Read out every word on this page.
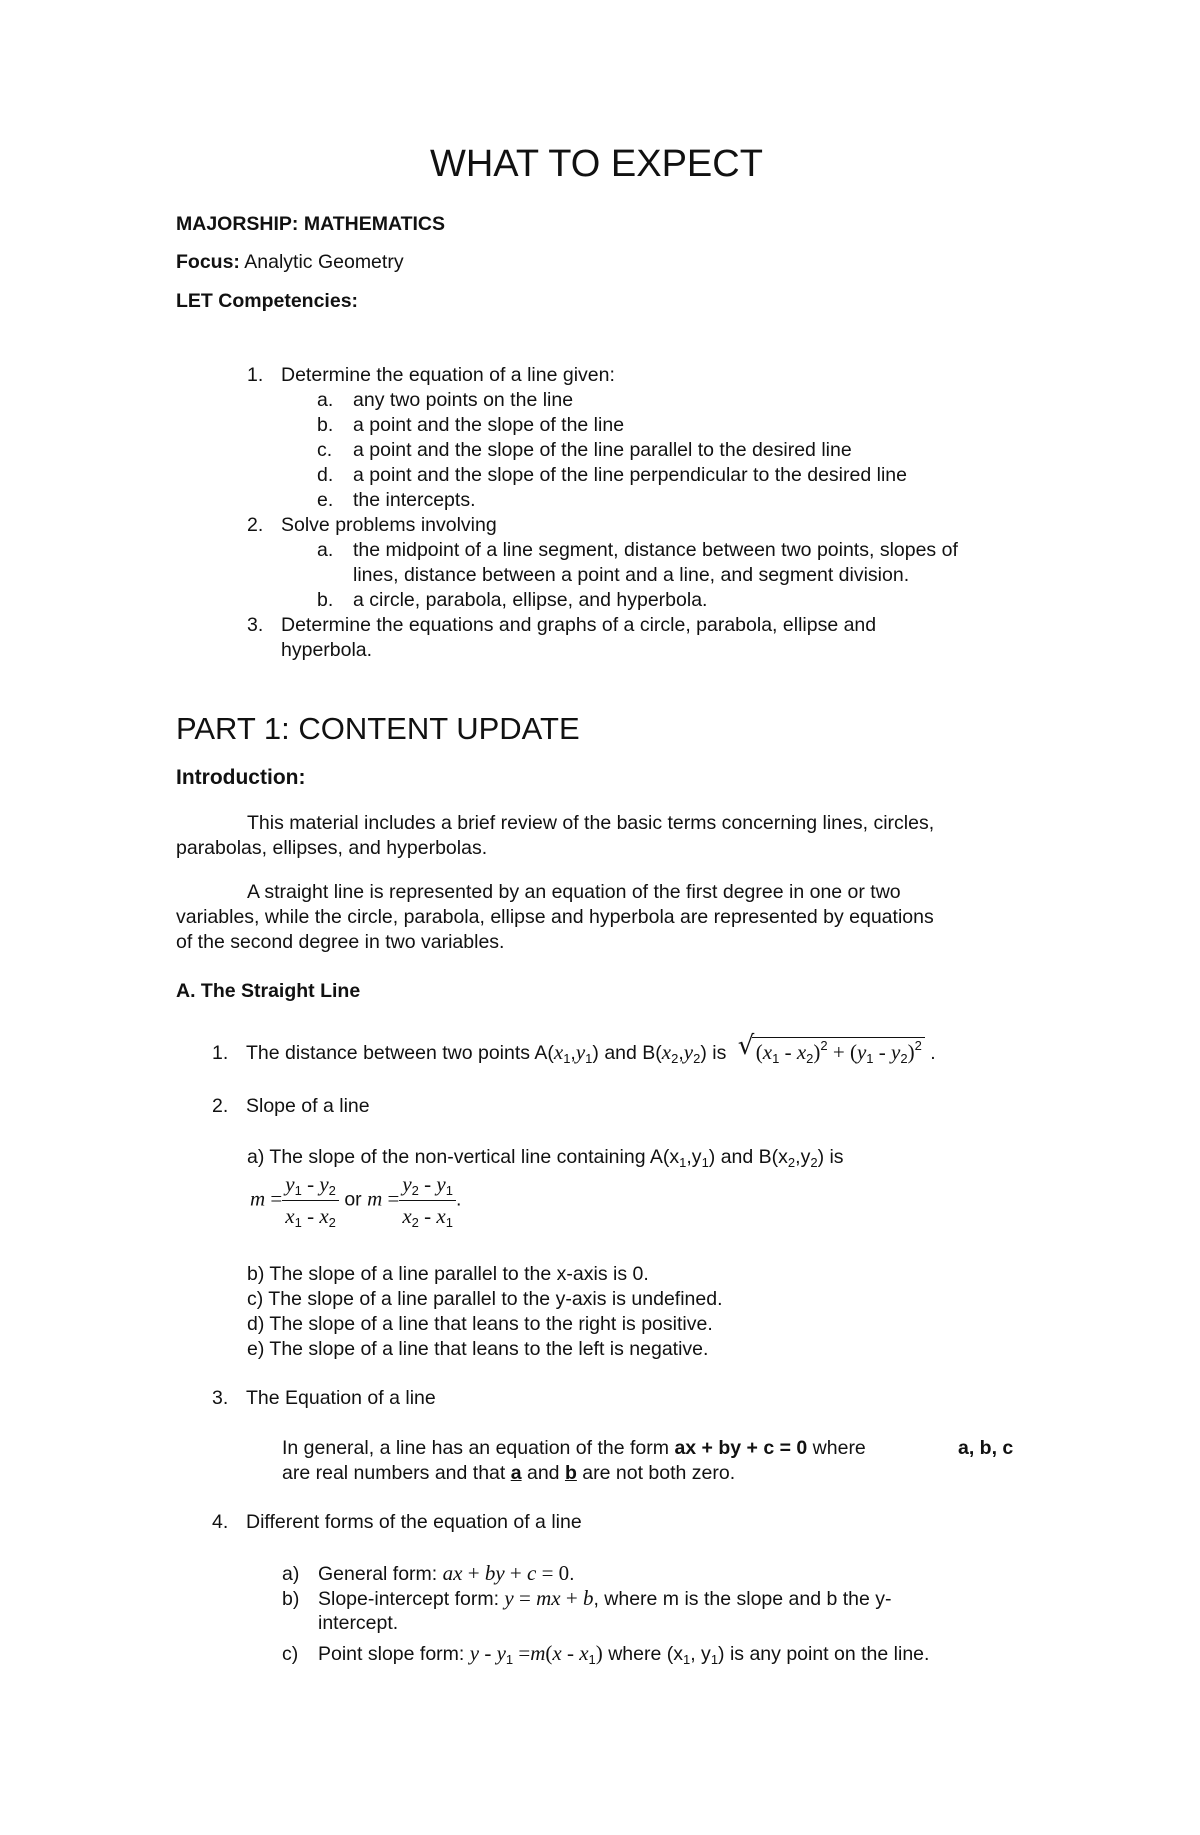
WHAT TO EXPECT
MAJORSHIP: MATHEMATICS
Focus: Analytic Geometry
LET Competencies:
1. Determine the equation of a line given:
a. any two points on the line
b. a point and the slope of the line
c. a point and the slope of the line parallel to the desired line
d. a point and the slope of the line perpendicular to the desired line
e. the intercepts.
2. Solve problems involving
a. the midpoint of a line segment, distance between two points, slopes of
lines, distance between a point and a line, and segment division.
b. a circle, parabola, ellipse, and hyperbola.
3. Determine the equations and graphs of a circle, parabola, ellipse and
hyperbola.
PART 1: CONTENT UPDATE
Introduction:
This material includes a brief review of the basic terms concerning lines, circles,
parabolas, ellipses, and hyperbolas.
A straight line is represented by an equation of the first degree in one or two
variables, while the circle, parabola, ellipse and hyperbola are represented by equations
of the second degree in two variables.
A. The Straight Line
1. The distance between two points $A(x_1,y_1)$ and $B(x_2,y_2)$ is √ $(x_1 - x_2)^2 + (y_1 - y_2)^2$ .
2. Slope of a line
a) The slope of the non-vertical line containing $A(x_1,y_1)$ and $B(x_2,y_2)$ is
$m = \frac{y_1 - y_2}{x_1 - x_2}$ or $m = \frac{y_2 - y_1}{x_2 - x_1}$ .
b) The slope of a line parallel to the x-axis is 0.
c) The slope of a line parallel to the y-axis is undefined.
d) The slope of a line that leans to the right is positive.
e) The slope of a line that leans to the left is negative.
3. The Equation of a line
In general, a line has an equation of the form ax + by + c = 0 where	a, b, c
are real numbers and that a and b are not both zero.
4. Different forms of the equation of a line
a) General form: ax + by + c = 0.
b) Slope-intercept form: y = mx + b, where m is the slope and b the y-
intercept.
c) Point slope form: $y - y_1 =m(x - x_1)$ where ($x_1$, $y_1$) is any point on the line.
